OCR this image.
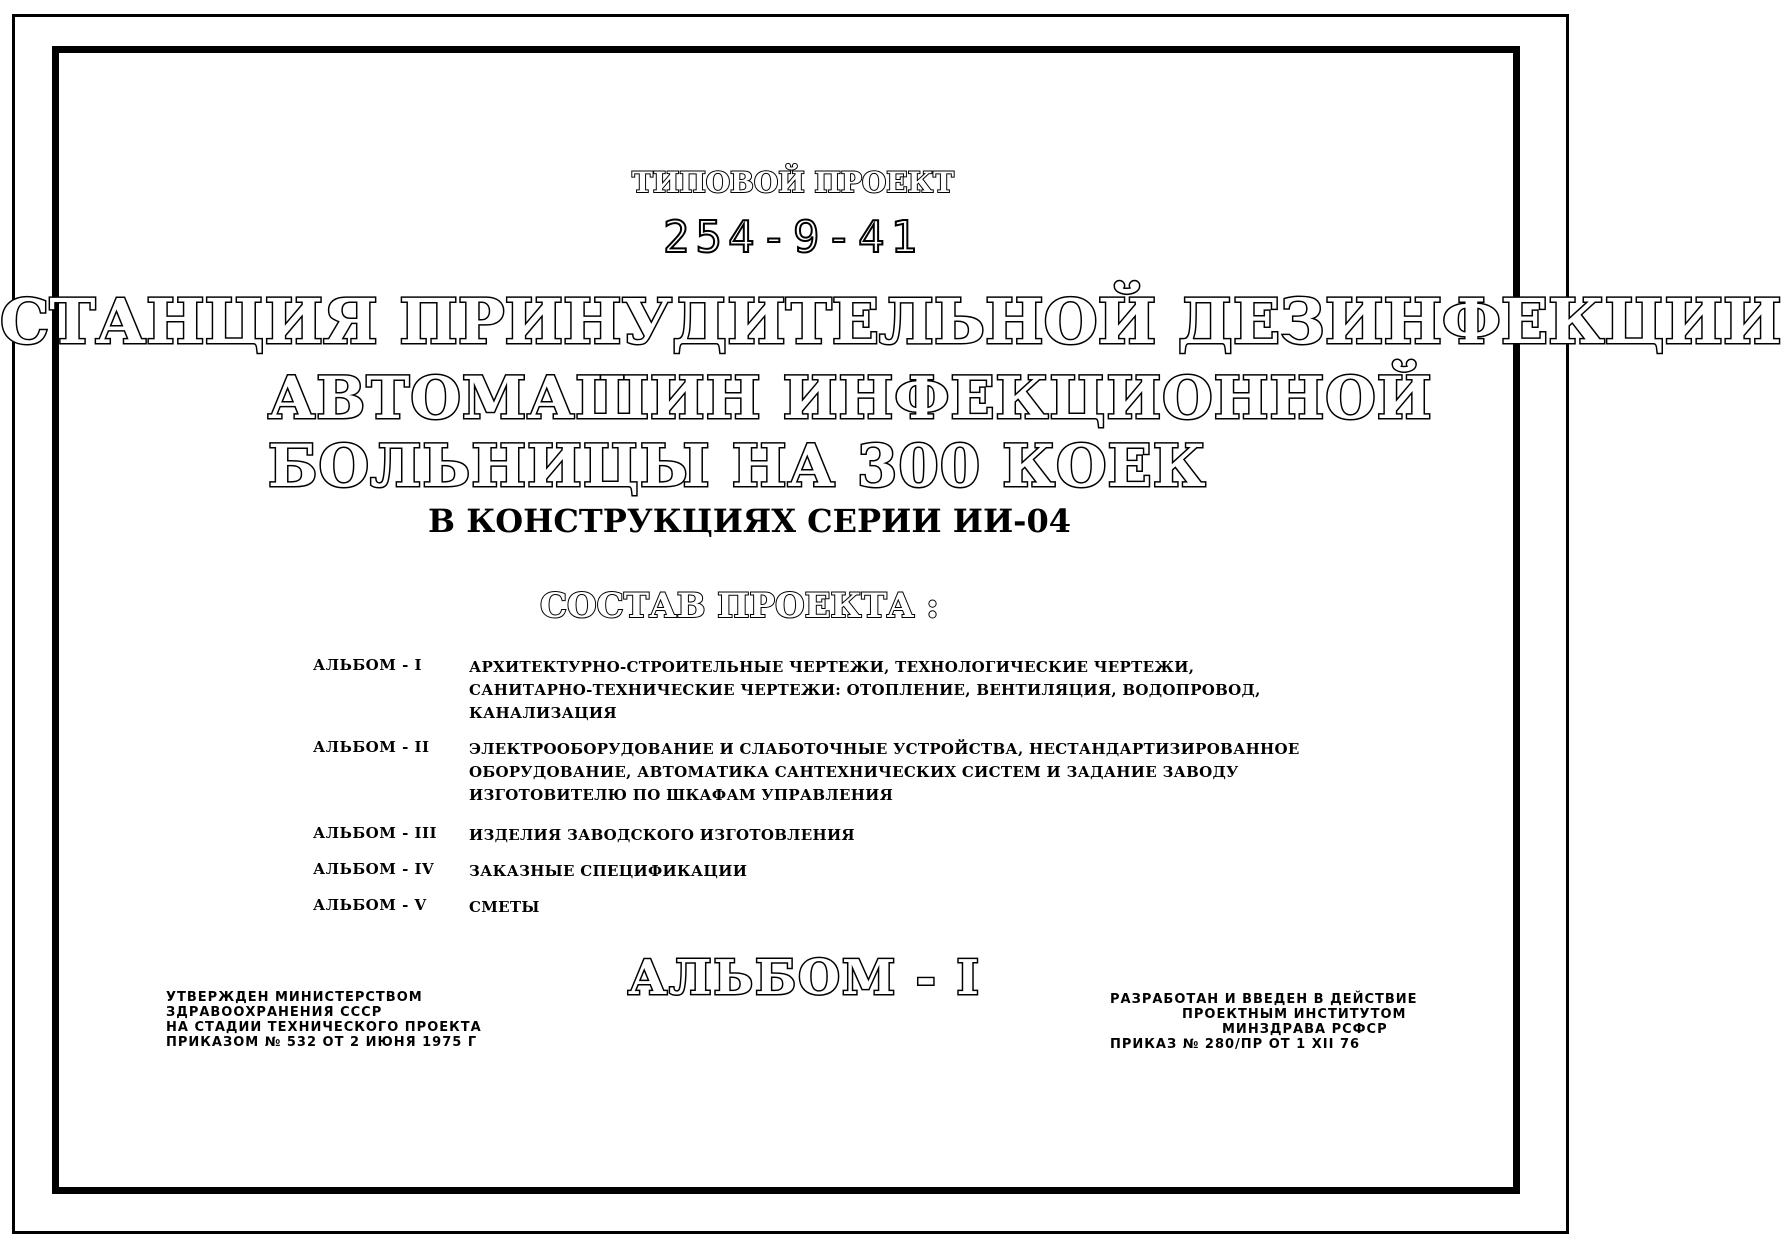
ТИПОВОЙ ПРОЕКТ
254-9-41
СТАНЦИЯ ПРИНУДИТЕЛЬНОЙ ДЕЗИНФЕКЦИИ
АВТОМАШИН ИНФЕКЦИОННОЙ
БОЛЬНИЦЫ НА 300 КОЕК
В КОНСТРУКЦИЯХ СЕРИИ ИИ-04
СОСТАВ ПРОЕКТА :
АЛЬБОМ - I	АРХИТЕКТУРНО-СТРОИТЕЛЬНЫЕ ЧЕРТЕЖИ, ТЕХНОЛОГИЧЕСКИЕ ЧЕРТЕЖИ,
САНИТАРНО-ТЕХНИЧЕСКИЕ ЧЕРТЕЖИ: ОТОПЛЕНИЕ, ВЕНТИЛЯЦИЯ, ВОДОПРОВОД,
КАНАЛИЗАЦИЯ
АЛЬБОМ - II	ЭЛЕКТРООБОРУДОВАНИЕ И СЛАБОТОЧНЫЕ УСТРОЙСТВА, НЕСТАНДАРТИЗИРОВАННОЕ
ОБОРУДОВАНИЕ, АВТОМАТИКА САНТЕХНИЧЕСКИХ СИСТЕМ И ЗАДАНИЕ ЗАВОДУ
ИЗГОТОВИТЕЛЮ ПО ШКАФАМ УПРАВЛЕНИЯ
АЛЬБОМ - III ИЗДЕЛИЯ ЗАВОДСКОГО ИЗГОТОВЛЕНИЯ
АЛЬБОМ - IV ЗАКАЗНЫЕ СПЕЦИФИКАЦИИ
АЛЬБОМ - V	СМЕТЫ
АЛЬБОМ - I
УТВЕРЖДЕН МИНИСТЕРСТВОМ
ЗДРАВООХРАНЕНИЯ СССР
НА СТАДИИ ТЕХНИЧЕСКОГО ПРОЕКТА
ПРИКАЗОМ № 532 ОТ 2 ИЮНЯ 1975 Г
РАЗРАБОТАН И ВВЕДЕН В ДЕЙСТВИЕ
ПРОЕКТНЫМ ИНСТИТУТОМ
МИНЗДРАВА РСФСР
ПРИКАЗ № 280/ПР ОТ 1 XII 76
